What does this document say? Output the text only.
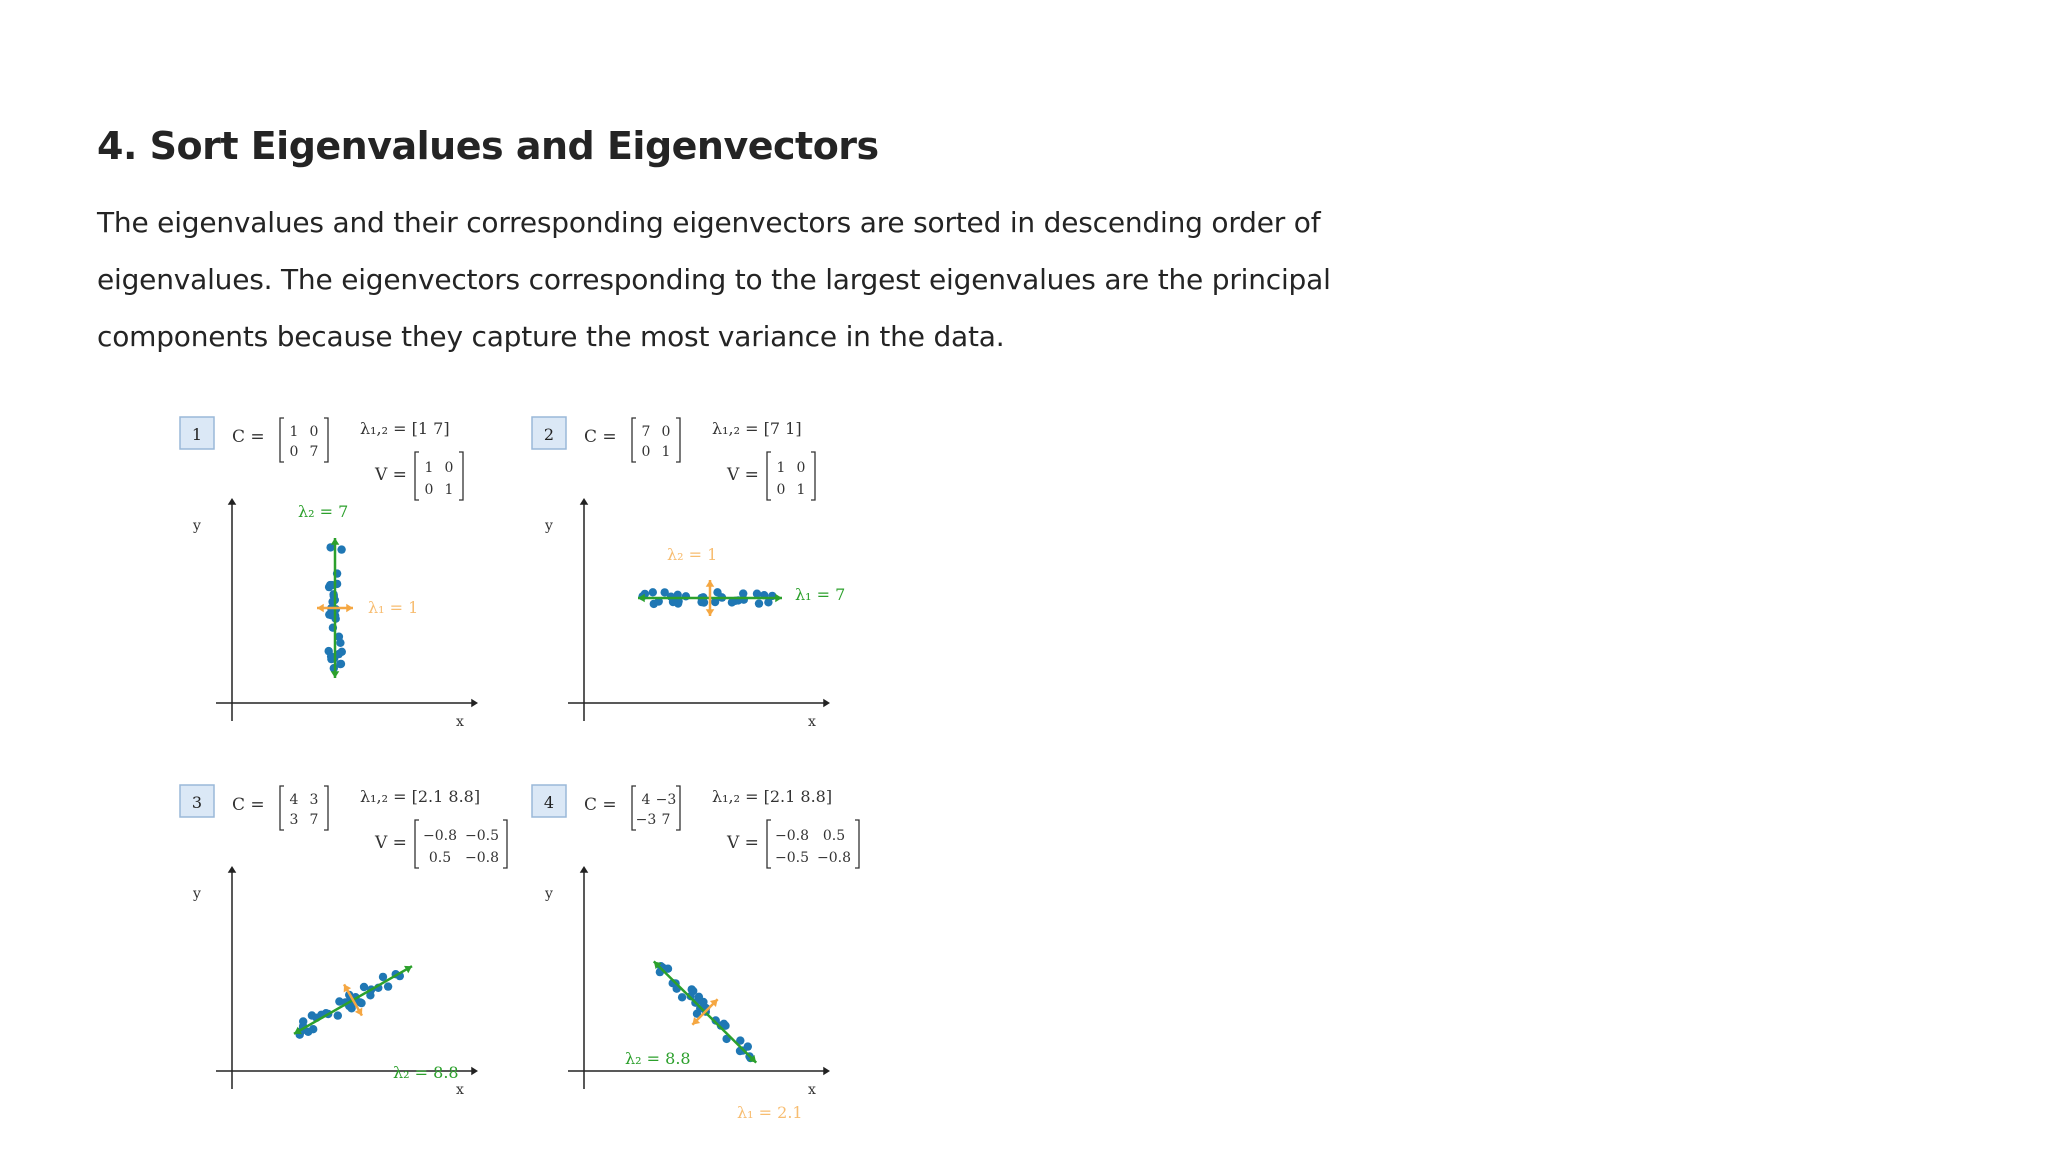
4. Sort Eigenvalues and Eigenvectors

The eigenvalues and their corresponding eigenvectors are sorted in descending order of
eigenvalues. The eigenvectors corresponding to the largest eigenvalues are the principal
components because they capture the most variance in the data.

1 C = 1 0
0 7
λ₁,₂ = [1 7]
V = 1 0
0 1
y
x
λ₂ = 7
λ₁ = 1
2 C = 7 0
0 1
λ₁,₂ = [7 1]
V = 1 0
0 1
y
x
λ₁ = 7
λ₂ = 1
3 C = 4 3
3 7
λ₁,₂ = [2.1 8.8]
V = −0.8 −0.5
0.5 −0.8
y
x
λ₂ = 8.8
4 C = 4 −3
−3 7
λ₁,₂ = [2.1 8.8]
V = −0.8 0.5
−0.5 −0.8
y
x
λ₂ = 8.8
λ₁ = 2.1
